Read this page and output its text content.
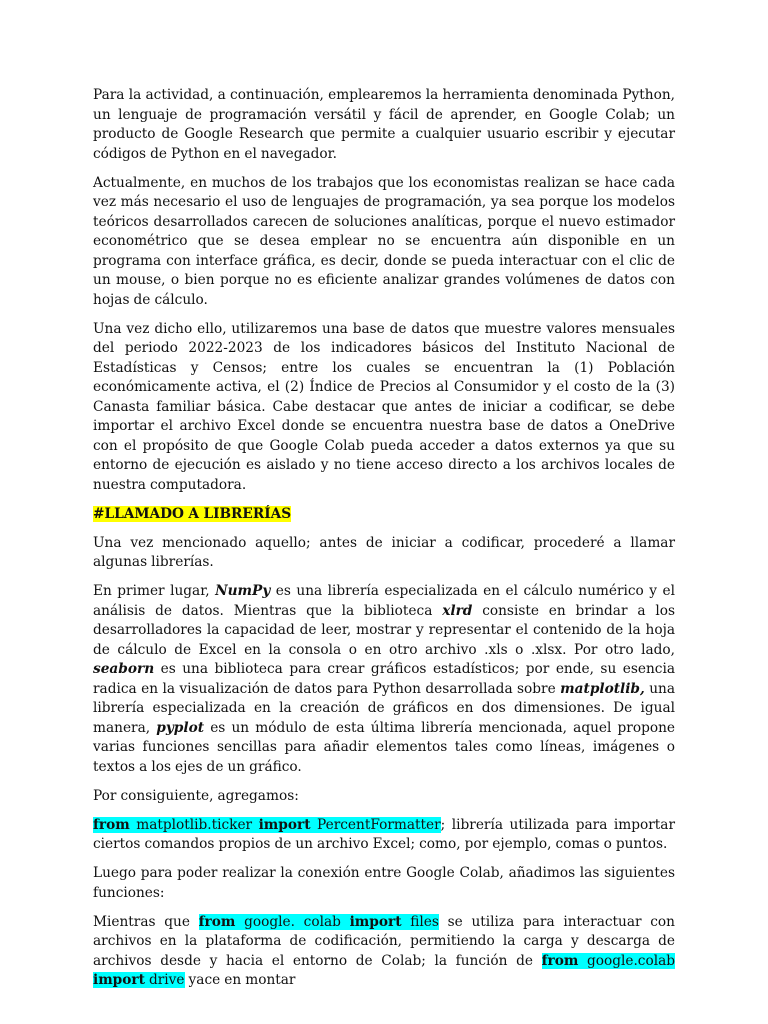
Para la actividad, a continuación, emplearemos la herramienta denominada Python, un lenguaje de programación versátil y fácil de aprender, en Google Colab; un producto de Google Research que permite a cualquier usuario escribir y ejecutar códigos de Python en el navegador.

Actualmente, en muchos de los trabajos que los economistas realizan se hace cada vez más necesario el uso de lenguajes de programación, ya sea porque los modelos teóricos desarrollados carecen de soluciones analíticas, porque el nuevo estimador econométrico que se desea emplear no se encuentra aún disponible en un programa con interface gráfica, es decir, donde se pueda interactuar con el clic de un mouse, o bien porque no es eficiente analizar grandes volúmenes de datos con hojas de cálculo.

Una vez dicho ello, utilizaremos una base de datos que muestre valores mensuales del periodo 2022-2023 de los indicadores básicos del Instituto Nacional de Estadísticas y Censos; entre los cuales se encuentran la (1) Población económicamente activa, el (2) Índice de Precios al Consumidor y el costo de la (3) Canasta familiar básica. Cabe destacar que antes de iniciar a codificar, se debe importar el archivo Excel donde se encuentra nuestra base de datos a OneDrive con el propósito de que Google Colab pueda acceder a datos externos ya que su entorno de ejecución es aislado y no tiene acceso directo a los archivos locales de nuestra computadora.

#LLAMADO A LIBRERÍAS

Una vez mencionado aquello; antes de iniciar a codificar, procederé a llamar algunas librerías.

En primer lugar, NumPy es una librería especializada en el cálculo numérico y el análisis de datos. Mientras que la biblioteca xlrd consiste en brindar a los desarrolladores la capacidad de leer, mostrar y representar el contenido de la hoja de cálculo de Excel en la consola o en otro archivo .xls o .xlsx. Por otro lado, seaborn es una biblioteca para crear gráficos estadísticos; por ende, su esencia radica en la visualización de datos para Python desarrollada sobre matplotlib, una librería especializada en la creación de gráficos en dos dimensiones. De igual manera, pyplot es un módulo de esta última librería mencionada, aquel propone varias funciones sencillas para añadir elementos tales como líneas, imágenes o textos a los ejes de un gráfico.

Por consiguiente, agregamos:

from matplotlib.ticker import PercentFormatter; librería utilizada para importar ciertos comandos propios de un archivo Excel; como, por ejemplo, comas o puntos.

Luego para poder realizar la conexión entre Google Colab, añadimos las siguientes funciones:

Mientras que from google. colab import files se utiliza para interactuar con archivos en la plataforma de codificación, permitiendo la carga y descarga de archivos desde y hacia el entorno de Colab; la función de from google.colab import drive yace en montar
